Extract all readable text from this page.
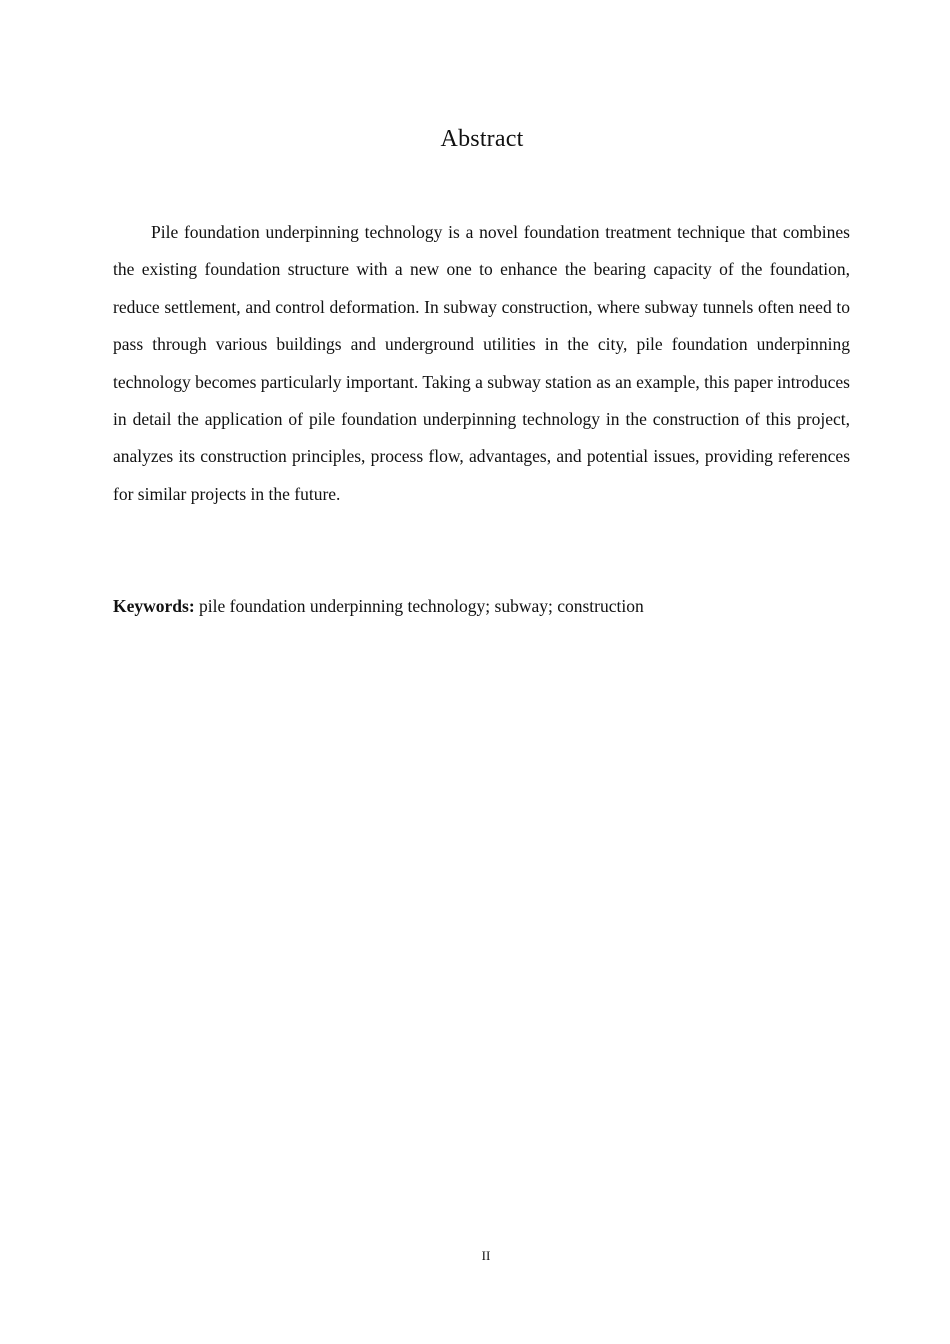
Abstract

Pile foundation underpinning technology is a novel foundation treatment technique that combines the existing foundation structure with a new one to enhance the bearing capacity of the foundation, reduce settlement, and control deformation. In subway construction, where subway tunnels often need to pass through various buildings and underground utilities in the city, pile foundation underpinning technology becomes particularly important. Taking a subway station as an example, this paper introduces in detail the application of pile foundation underpinning technology in the construction of this project, analyzes its construction principles, process flow, advantages, and potential issues, providing references for similar projects in the future.

Keywords: pile foundation underpinning technology; subway; construction
II
